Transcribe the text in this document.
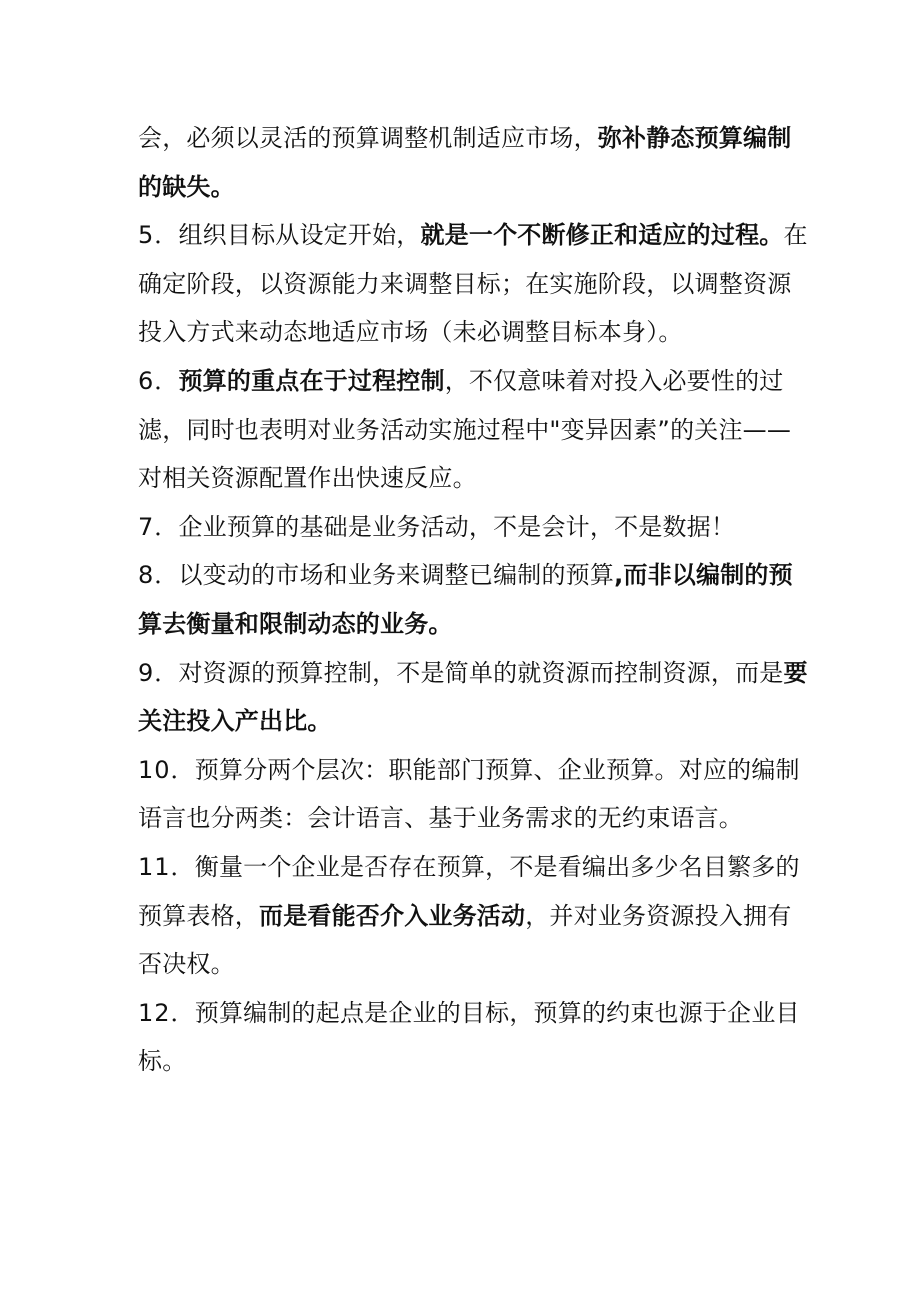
会，必须以灵活的预算调整机制适应市场，弥补静态预算编制的缺失。

5．组织目标从设定开始，就是一个不断修正和适应的过程。在确定阶段，以资源能力来调整目标；在实施阶段，以调整资源投入方式来动态地适应市场（未必调整目标本身）。

6．预算的重点在于过程控制，不仅意味着对投入必要性的过滤，同时也表明对业务活动实施过程中"变异因素”的关注——对相关资源配置作出快速反应。

7．企业预算的基础是业务活动，不是会计，不是数据！

8．以变动的市场和业务来调整已编制的预算,而非以编制的预算去衡量和限制动态的业务。

9．对资源的预算控制，不是简单的就资源而控制资源，而是要关注投入产出比。

10．预算分两个层次：职能部门预算、企业预算。对应的编制语言也分两类：会计语言、基于业务需求的无约束语言。

11．衡量一个企业是否存在预算，不是看编出多少名目繁多的预算表格，而是看能否介入业务活动，并对业务资源投入拥有否决权。

12．预算编制的起点是企业的目标，预算的约束也源于企业目标。
